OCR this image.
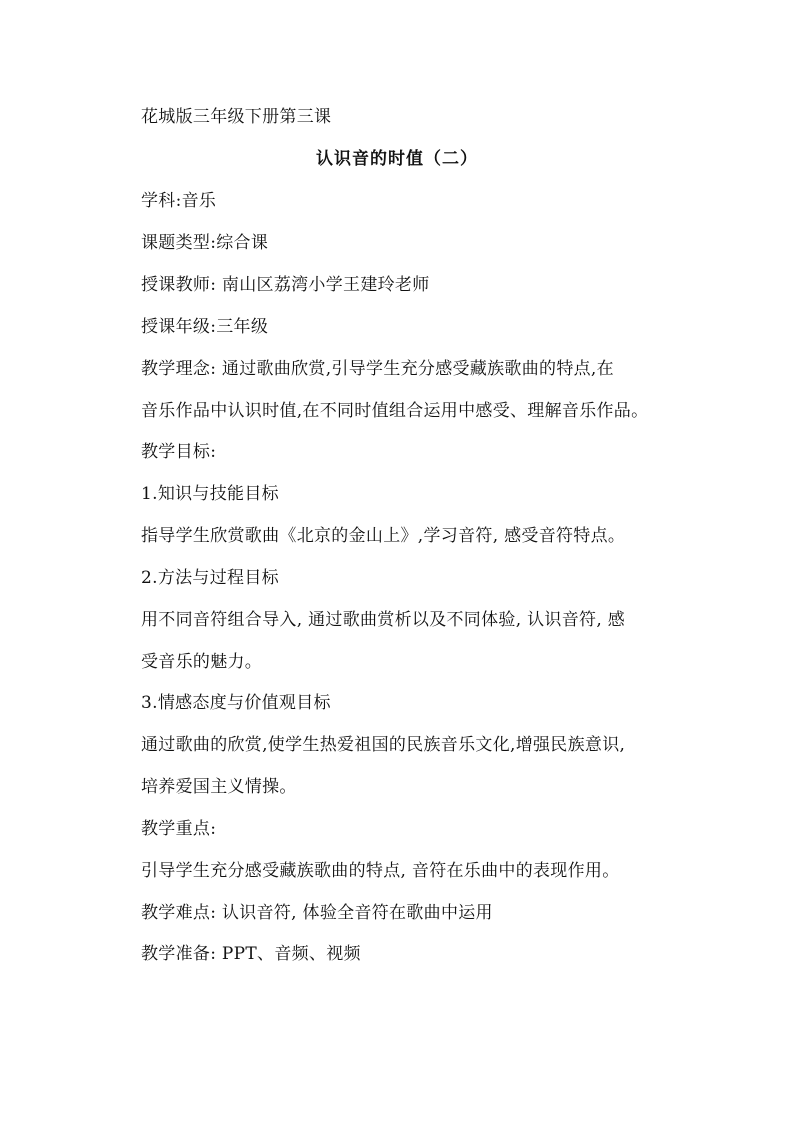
花城版三年级下册第三课
认识音的时值（二）
学科:音乐
课题类型:综合课
授课教师: 南山区荔湾小学王建玲老师
授课年级:三年级
教学理念: 通过歌曲欣赏,引导学生充分感受藏族歌曲的特点,在
音乐作品中认识时值,在不同时值组合运用中感受、理解音乐作品。
教学目标:
1.知识与技能目标
指导学生欣赏歌曲《北京的金山上》,学习音符, 感受音符特点。
2.方法与过程目标
用不同音符组合导入, 通过歌曲赏析以及不同体验, 认识音符, 感
受音乐的魅力。
3.情感态度与价值观目标
通过歌曲的欣赏,使学生热爱祖国的民族音乐文化,增强民族意识,
培养爱国主义情操。
教学重点:
引导学生充分感受藏族歌曲的特点, 音符在乐曲中的表现作用。
教学难点: 认识音符, 体验全音符在歌曲中运用
教学准备: PPT、音频、视频
